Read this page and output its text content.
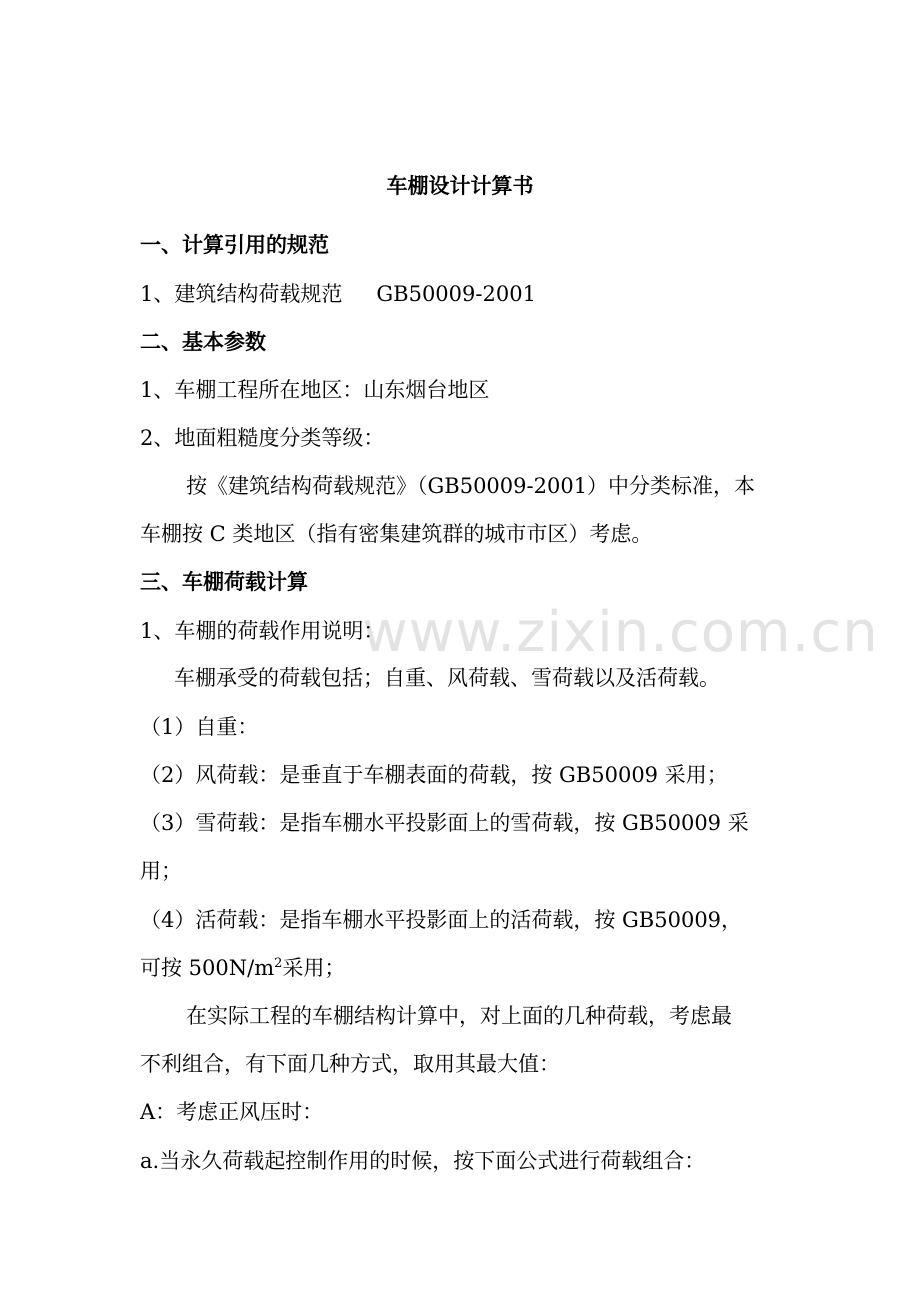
www.zixin.com.cn
车棚设计计算书
一、计算引用的规范
1、建筑结构荷载规范 GB50009-2001
二、基本参数
1、车棚工程所在地区：山东烟台地区
2、地面粗糙度分类等级：
按《建筑结构荷载规范》（GB50009-2001）中分类标准，本
车棚按 C 类地区（指有密集建筑群的城市市区）考虑。
三、车棚荷载计算
1、车棚的荷载作用说明：
车棚承受的荷载包括；自重、风荷载、雪荷载以及活荷载。
（1）自重：
（2）风荷载：是垂直于车棚表面的荷载，按 GB50009 采用；
（3）雪荷载：是指车棚水平投影面上的雪荷载，按 GB50009 采
用；
（4）活荷载：是指车棚水平投影面上的活荷载，按 GB50009，
可按 $500N/m^2$采用；
在实际工程的车棚结构计算中，对上面的几种荷载，考虑最
不利组合，有下面几种方式，取用其最大值：
A：考虑正风压时：
a.当永久荷载起控制作用的时候，按下面公式进行荷载组合：
